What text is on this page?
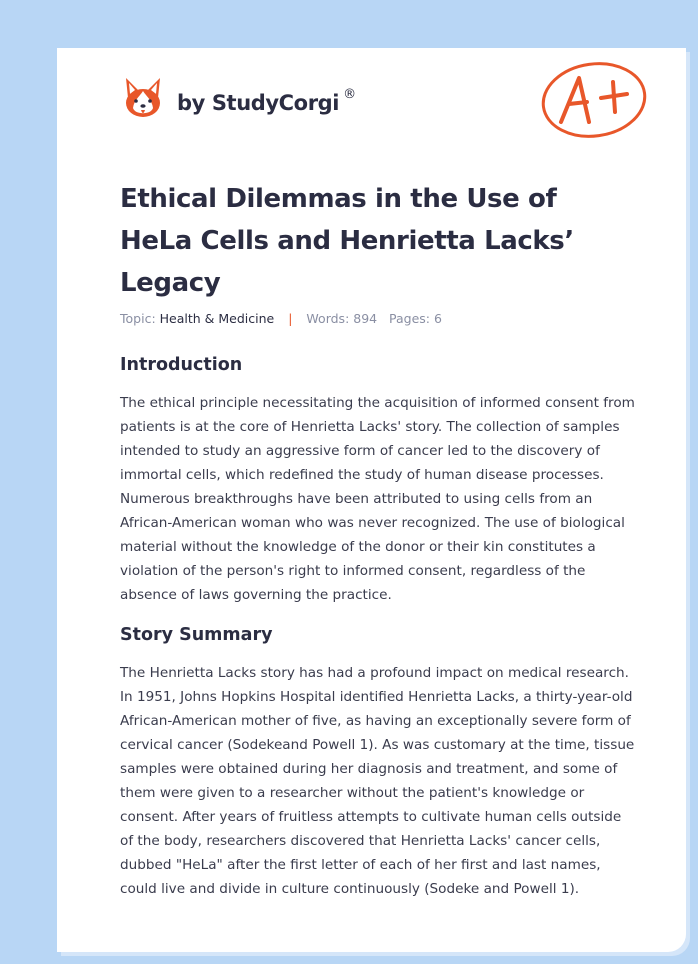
by StudyCorgi ®
Ethical Dilemmas in the Use of HeLa Cells and Henrietta Lacks’ Legacy
Topic: Health & Medicine | Words: 894 Pages: 6
Introduction

The ethical principle necessitating the acquisition of informed consent from patients is at the core of Henrietta Lacks' story. The collection of samples intended to study an aggressive form of cancer led to the discovery of immortal cells, which redefined the study of human disease processes. Numerous breakthroughs have been attributed to using cells from an African-American woman who was never recognized. The use of biological material without the knowledge of the donor or their kin constitutes a violation of the person's right to informed consent, regardless of the absence of laws governing the practice.

Story Summary

The Henrietta Lacks story has had a profound impact on medical research. In 1951, Johns Hopkins Hospital identified Henrietta Lacks, a thirty-year-old African-American mother of five, as having an exceptionally severe form of cervical cancer (Sodekeand Powell 1). As was customary at the time, tissue samples were obtained during her diagnosis and treatment, and some of them were given to a researcher without the patient's knowledge or consent. After years of fruitless attempts to cultivate human cells outside of the body, researchers discovered that Henrietta Lacks' cancer cells, dubbed "HeLa" after the first letter of each of her first and last names, could live and divide in culture continuously (Sodeke and Powell 1).
